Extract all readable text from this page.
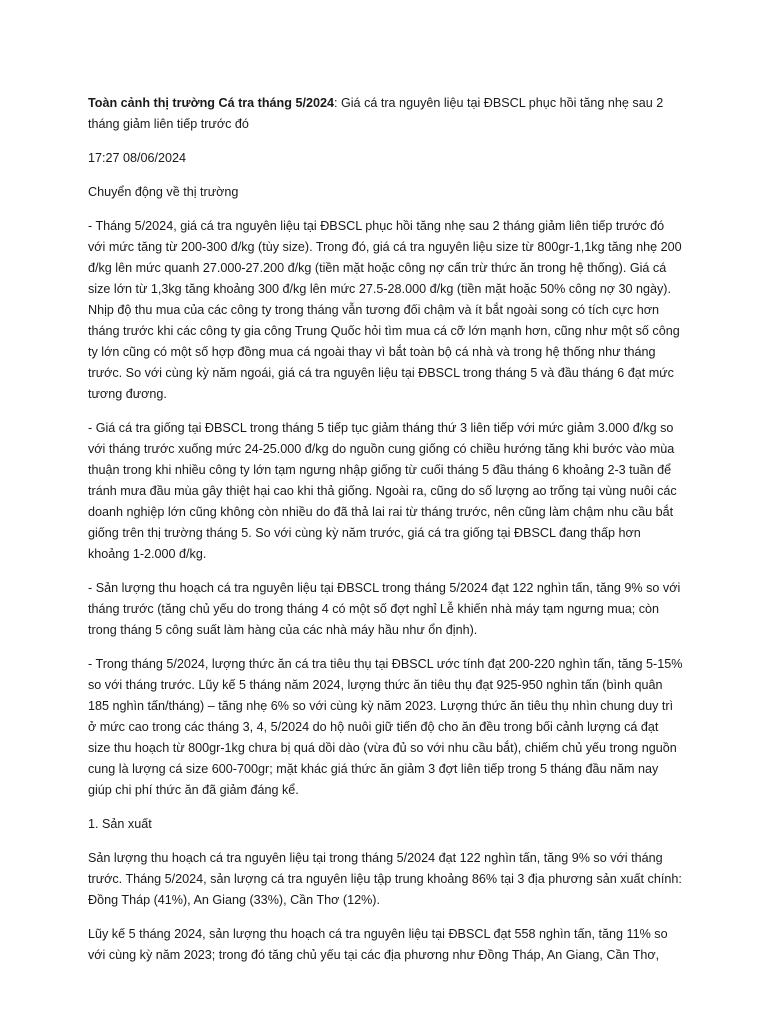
Toàn cảnh thị trường Cá tra tháng 5/2024: Giá cá tra nguyên liệu tại ĐBSCL phục hồi tăng nhẹ sau 2 tháng giảm liên tiếp trước đó

17:27 08/06/2024

Chuyển động về thị trường

- Tháng 5/2024, giá cá tra nguyên liệu tại ĐBSCL phục hồi tăng nhẹ sau 2 tháng giảm liên tiếp trước đó với mức tăng từ 200-300 đ/kg (tùy size). Trong đó, giá cá tra nguyên liệu size từ 800gr-1,1kg tăng nhẹ 200 đ/kg lên mức quanh 27.000-27.200 đ/kg (tiền mặt hoặc công nợ cấn trừ thức ăn trong hệ thống). Giá cá size lớn từ 1,3kg tăng khoảng 300 đ/kg lên mức 27.5-28.000 đ/kg (tiền mặt hoặc 50% công nợ 30 ngày). Nhịp độ thu mua của các công ty trong tháng vẫn tương đối chậm và ít bắt ngoài song có tích cực hơn tháng trước khi các công ty gia công Trung Quốc hỏi tìm mua cá cỡ lớn mạnh hơn, cũng như một số công ty lớn cũng có một số hợp đồng mua cá ngoài thay vì bắt toàn bộ cá nhà và trong hệ thống như tháng trước. So với cùng kỳ năm ngoái, giá cá tra nguyên liệu tại ĐBSCL trong tháng 5 và đầu tháng 6 đạt mức tương đương.

- Giá cá tra giống tại ĐBSCL trong tháng 5 tiếp tục giảm tháng thứ 3 liên tiếp với mức giảm 3.000 đ/kg so với tháng trước xuống mức 24-25.000 đ/kg do nguồn cung giống có chiều hướng tăng khi bước vào mùa thuận trong khi nhiều công ty lớn tạm ngưng nhập giống từ cuối tháng 5 đầu tháng 6 khoảng 2-3 tuần để tránh mưa đầu mùa gây thiệt hại cao khi thả giống. Ngoài ra, cũng do số lượng ao trống tại vùng nuôi các doanh nghiệp lớn cũng không còn nhiều do đã thả lai rai từ tháng trước, nên cũng làm chậm nhu cầu bắt giống trên thị trường tháng 5. So với cùng kỳ năm trước, giá cá tra giống tại ĐBSCL đang thấp hơn khoảng 1-2.000 đ/kg.

- Sản lượng thu hoạch cá tra nguyên liệu tại ĐBSCL trong tháng 5/2024 đạt 122 nghìn tấn, tăng 9% so với tháng trước (tăng chủ yếu do trong tháng 4 có một số đợt nghỉ Lễ khiến nhà máy tạm ngưng mua; còn trong tháng 5 công suất làm hàng của các nhà máy hầu như ổn định).

- Trong tháng 5/2024, lượng thức ăn cá tra tiêu thụ tại ĐBSCL ước tính đạt 200-220 nghìn tấn, tăng 5-15% so với tháng trước. Lũy kế 5 tháng năm 2024, lượng thức ăn tiêu thụ đạt 925-950 nghìn tấn (bình quân 185 nghìn tấn/tháng) – tăng nhẹ 6% so với cùng kỳ năm 2023. Lượng thức ăn tiêu thụ nhìn chung duy trì ở mức cao trong các tháng 3, 4, 5/2024 do hộ nuôi giữ tiến độ cho ăn đều trong bối cảnh lượng cá đạt size thu hoạch từ 800gr-1kg chưa bị quá dồi dào (vừa đủ so với nhu cầu bắt), chiếm chủ yếu trong nguồn cung là lượng cá size 600-700gr; mặt khác giá thức ăn giảm 3 đợt liên tiếp trong 5 tháng đầu năm nay giúp chi phí thức ăn đã giảm đáng kể.

1. Sản xuất

Sản lượng thu hoạch cá tra nguyên liệu tại trong tháng 5/2024 đạt 122 nghìn tấn, tăng 9% so với tháng trước. Tháng 5/2024, sản lượng cá tra nguyên liệu tập trung khoảng 86% tại 3 địa phương sản xuất chính: Đồng Tháp (41%), An Giang (33%), Cần Thơ (12%).

Lũy kế 5 tháng 2024, sản lượng thu hoạch cá tra nguyên liệu tại ĐBSCL đạt 558 nghìn tấn, tăng 11% so với cùng kỳ năm 2023; trong đó tăng chủ yếu tại các địa phương như Đồng Tháp, An Giang, Cần Thơ,
